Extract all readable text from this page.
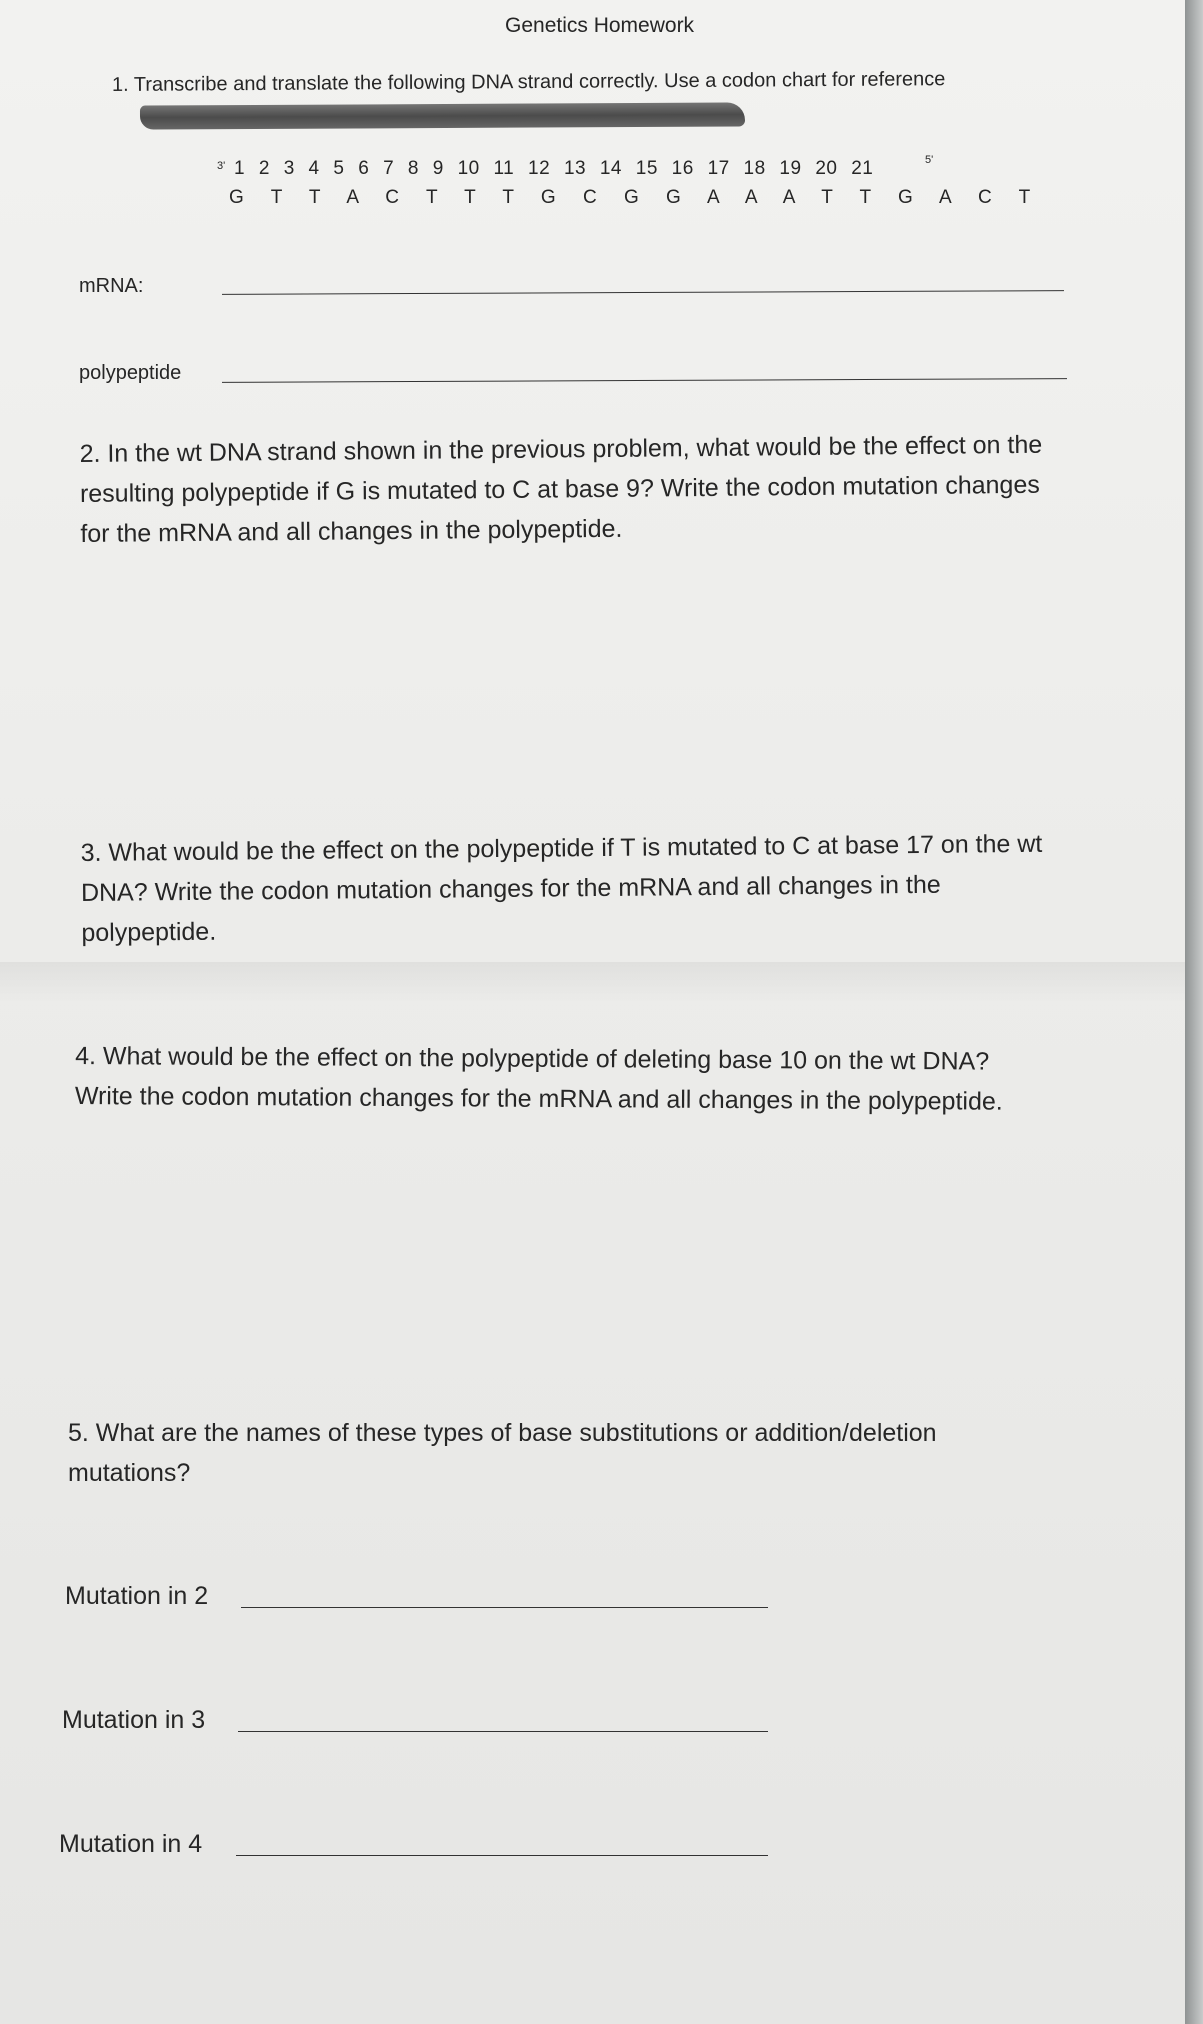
Genetics Homework
1. Transcribe and translate the following DNA strand correctly. Use a codon chart for reference
3' 1 2 3 4 5 6 7 8 9 10 11 12 13 14 15 16 17 18 19 20 21	5'
G T T A C T T T G C G G A A A T T G A C T
mRNA:
polypeptide
2. In the wt DNA strand shown in the previous problem, what would be the effect on the
resulting polypeptide if G is mutated to C at base 9? Write the codon mutation changes
for the mRNA and all changes in the polypeptide.
3. What would be the effect on the polypeptide if T is mutated to C at base 17 on the wt
DNA? Write the codon mutation changes for the mRNA and all changes in the
polypeptide.
4. What would be the effect on the polypeptide of deleting base 10 on the wt DNA?
Write the codon mutation changes for the mRNA and all changes in the polypeptide.
5. What are the names of these types of base substitutions or addition/deletion
mutations?
Mutation in 2
Mutation in 3
Mutation in 4
